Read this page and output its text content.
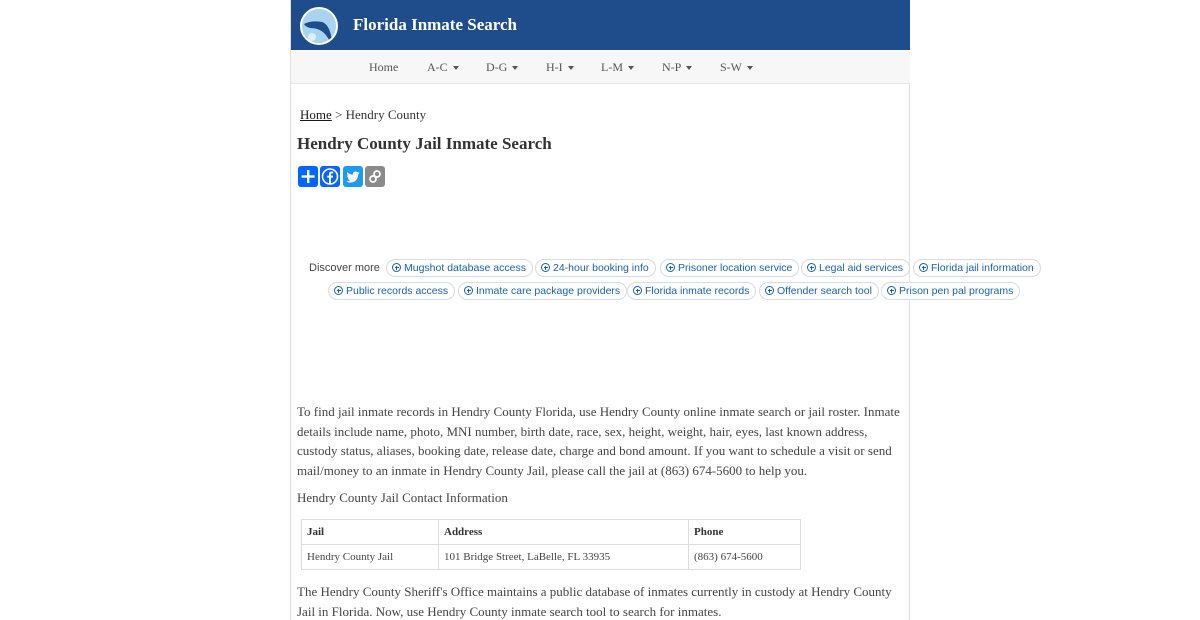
Florida Inmate Search
Home A-C	D-G	H-I	L-M	N-P	S-W
Home > Hendry County
Hendry County Jail Inmate Search
Discover more	Mugshot database access	24-hour booking info	Prisoner location service	Legal aid services	Florida jail information
Public records access	Inmate care package providers	Florida inmate records	Offender search tool	Prison pen pal programs

To find jail inmate records in Hendry County Florida, use Hendry County online inmate search or jail roster. Inmate details include name, photo, MNI number, birth date, race, sex, height, weight, hair, eyes, last known address, custody status, aliases, booking date, release date, charge and bond amount. If you want to schedule a visit or send mail/money to an inmate in Hendry County Jail, please call the jail at (863) 674-5600 to help you.

Hendry County Jail Contact Information
Jail	Address	Phone
Hendry County Jail	101 Bridge Street, LaBelle, FL 33935	(863) 674-5600

The Hendry County Sheriff's Office maintains a public database of inmates currently in custody at Hendry County Jail in Florida. Now, use Hendry County inmate search tool to search for inmates.
